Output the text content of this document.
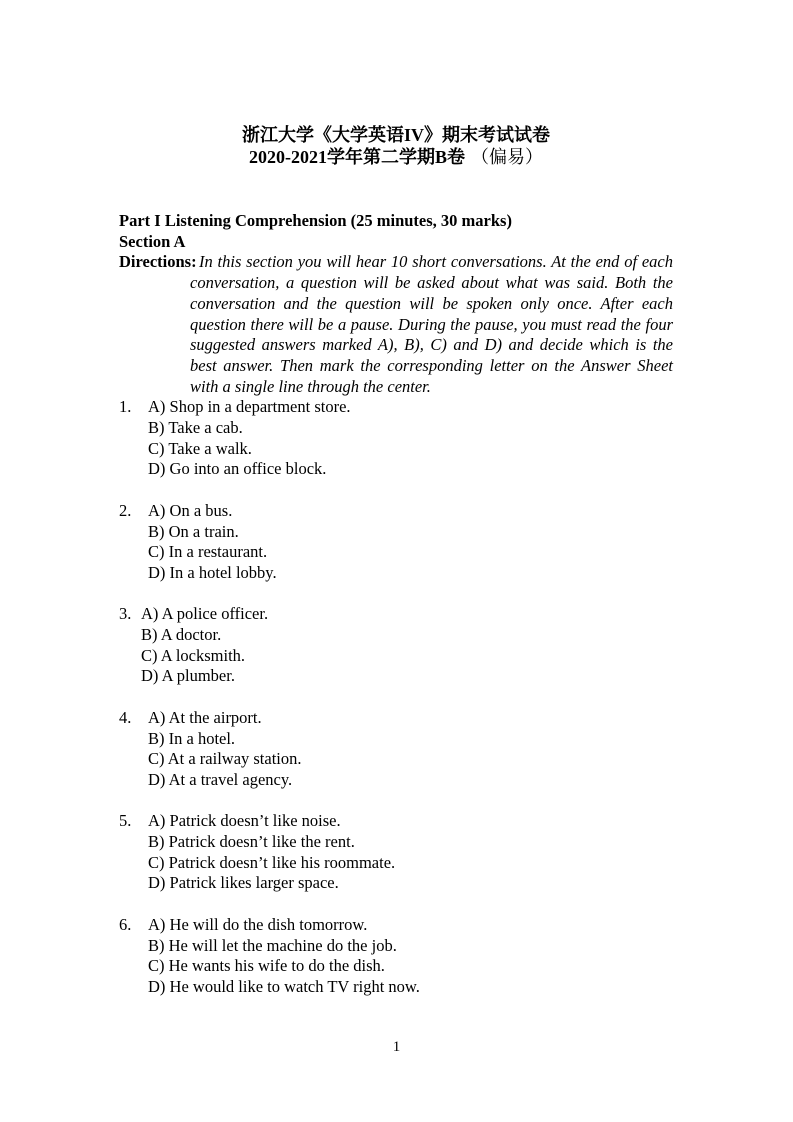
浙江大学《大学英语IV》期末考试试卷
2020-2021学年第二学期B卷 （偏易）
Part I Listening Comprehension (25 minutes, 30 marks)
Section A
Directions: In this section you will hear 10 short conversations. At the end of each conversation, a question will be asked about what was said. Both the conversation and the question will be spoken only once. After each question there will be a pause. During the pause, you must read the four suggested answers marked A), B), C) and D) and decide which is the best answer. Then mark the corresponding letter on the Answer Sheet with a single line through the center.
1. A) Shop in a department store.
B) Take a cab.
C) Take a walk.
D) Go into an office block.
2. A) On a bus.
B) On a train.
C) In a restaurant.
D) In a hotel lobby.
3. A) A police officer.
B) A doctor.
C) A locksmith.
D) A plumber.
4. A) At the airport.
B) In a hotel.
C) At a railway station.
D) At a travel agency.
5. A) Patrick doesn’t like noise.
B) Patrick doesn’t like the rent.
C) Patrick doesn’t like his roommate.
D) Patrick likes larger space.
6. A) He will do the dish tomorrow.
B) He will let the machine do the job.
C) He wants his wife to do the dish.
D) He would like to watch TV right now.
1
